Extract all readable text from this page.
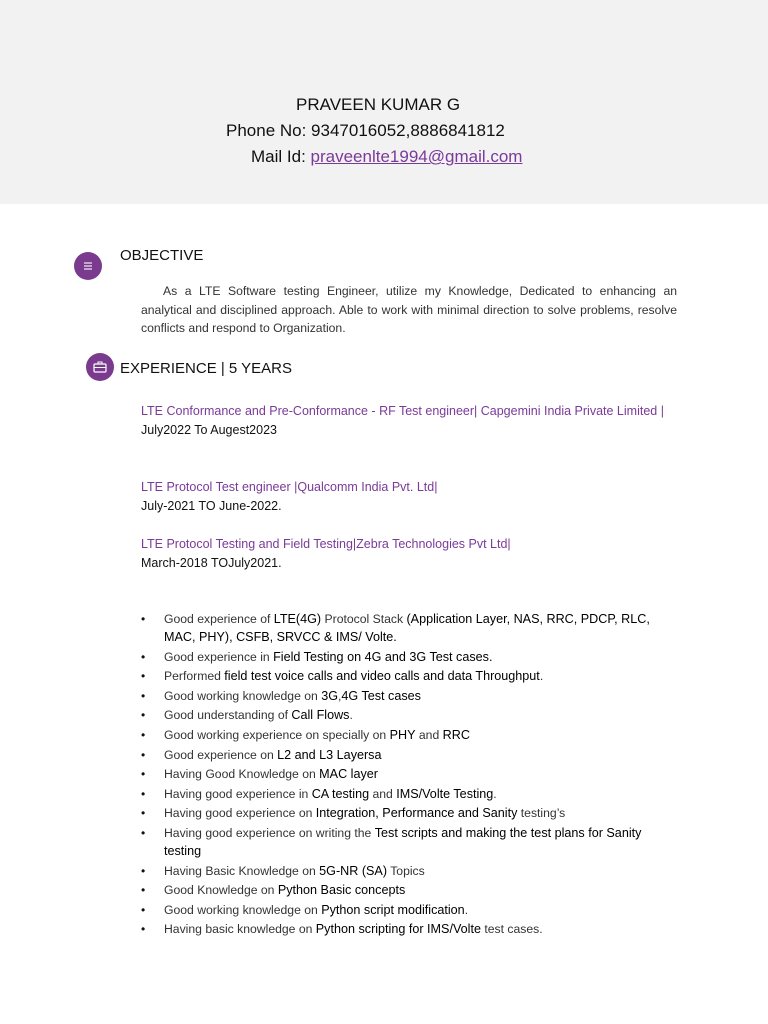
PRAVEEN KUMAR G
Phone No: 9347016052,8886841812
Mail Id: praveenlte1994@gmail.com
OBJECTIVE
As a LTE Software testing Engineer, utilize my Knowledge, Dedicated to enhancing an analytical and disciplined approach. Able to work with minimal direction to solve problems, resolve conflicts and respond to Organization.
EXPERIENCE | 5 YEARS
LTE Conformance and Pre-Conformance - RF Test engineer| Capgemini India Private Limited |
July2022 To Augest2023
LTE Protocol Test engineer |Qualcomm India Pvt. Ltd|
July-2021 TO June-2022.
LTE Protocol Testing and Field Testing|Zebra Technologies Pvt Ltd|
March-2018 TOJuly2021.
• Good experience of LTE(4G) Protocol Stack (Application Layer, NAS, RRC, PDCP, RLC, MAC, PHY), CSFB, SRVCC & IMS/ Volte.
• Good experience in Field Testing on 4G and 3G Test cases.
• Performed field test voice calls and video calls and data Throughput.
• Good working knowledge on 3G,4G Test cases
• Good understanding of Call Flows.
• Good working experience on specially on PHY and RRC
• Good experience on L2 and L3 Layersa
• Having Good Knowledge on MAC layer
• Having good experience in CA testing and IMS/Volte Testing.
• Having good experience on Integration, Performance and Sanity testing’s
• Having good experience on writing the Test scripts and making the test plans for Sanity testing
• Having Basic Knowledge on 5G-NR (SA) Topics
• Good Knowledge on Python Basic concepts
• Good working knowledge on Python script modification.
• Having basic knowledge on Python scripting for IMS/Volte test cases.
